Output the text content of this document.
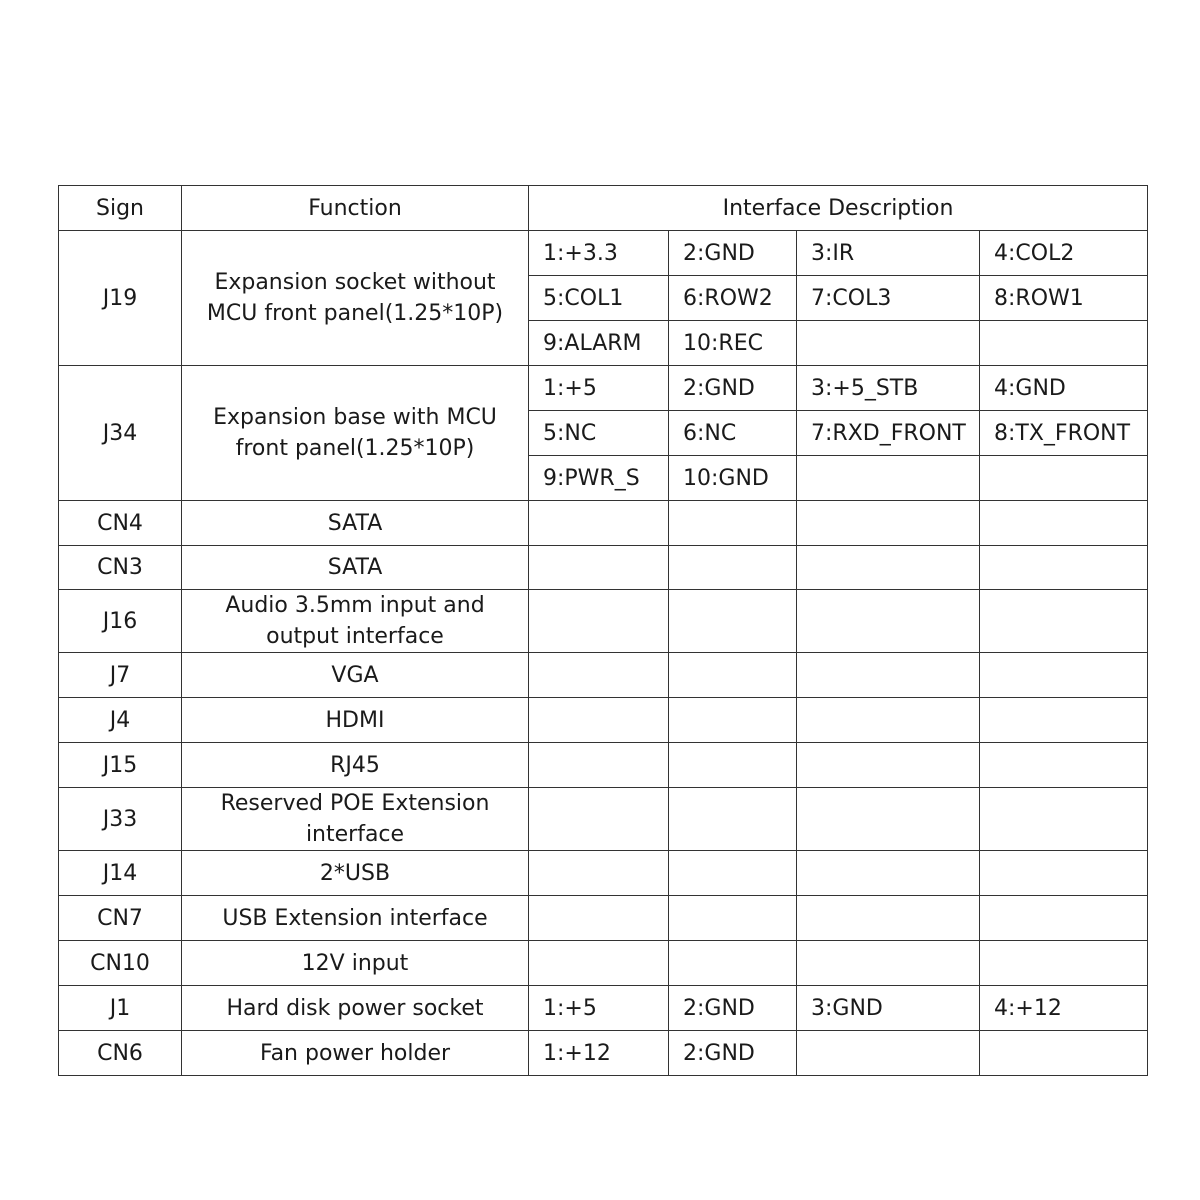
Sign	Function	Interface Description			
J19	Expansion socket without MCU front panel(1.25*10P)	1:+3.3	2:GND	3:IR	4:COL2
		5:COL1	6:ROW2	7:COL3	8:ROW1
		9:ALARM	10:REC		
J34	Expansion base with MCU front panel(1.25*10P)	1:+5	2:GND	3:+5_STB	4:GND
		5:NC	6:NC	7:RXD_FRONT	8:TX_FRONT
		9:PWR_S	10:GND		
CN4	SATA				
CN3	SATA				
J16	Audio 3.5mm input and output interface				
J7	VGA				
J4	HDMI				
J15	RJ45				
J33	Reserved POE Extension interface				
J14	2*USB				
CN7	USB Extension interface				
CN10	12V input				
J1	Hard disk power socket	1:+5	2:GND	3:GND	4:+12
CN6	Fan power holder	1:+12	2:GND		
